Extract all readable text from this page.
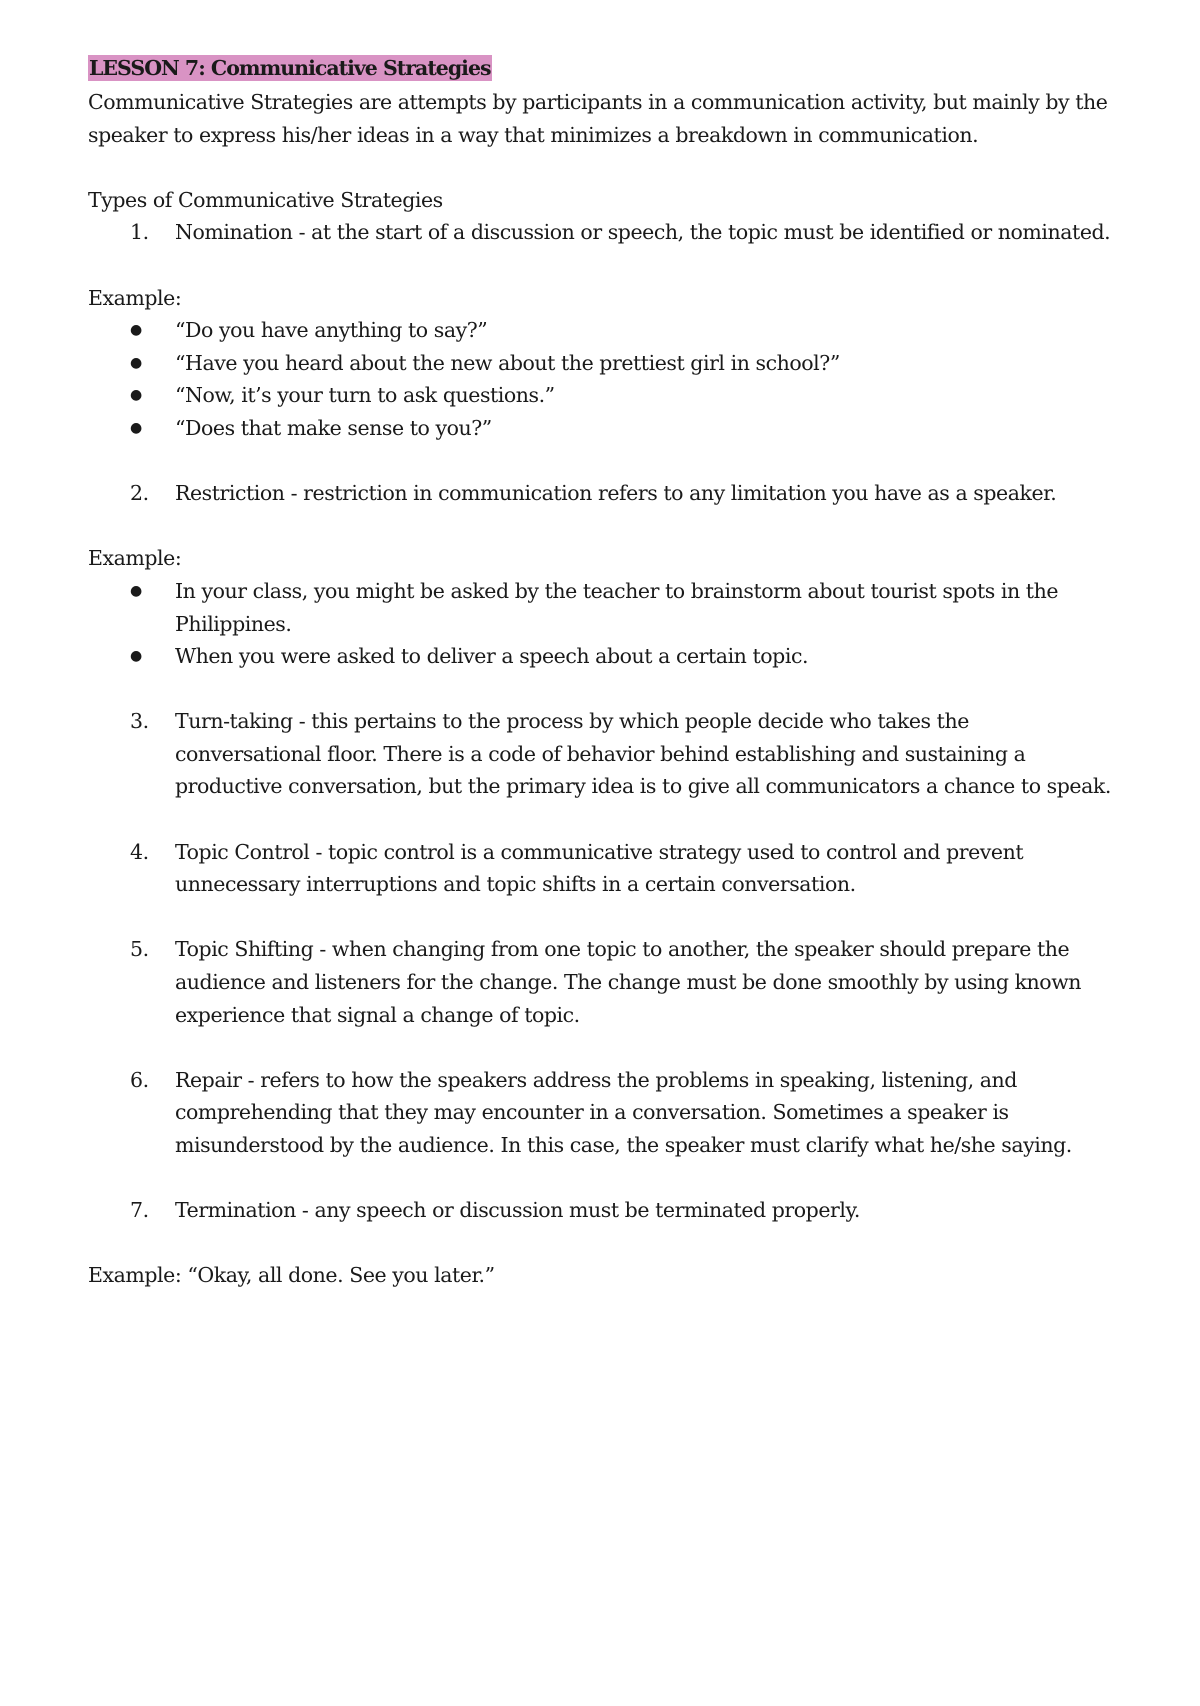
LESSON 7: Communicative Strategies

Communicative Strategies are attempts by participants in a communication activity, but mainly by the speaker to express his/her ideas in a way that minimizes a breakdown in communication.

Types of Communicative Strategies

1. Nomination - at the start of a discussion or speech, the topic must be identified or nominated.

Example:

● “Do you have anything to say?”

● “Have you heard about the new about the prettiest girl in school?”

● “Now, it’s your turn to ask questions.”

● “Does that make sense to you?”

2. Restriction - restriction in communication refers to any limitation you have as a speaker.

Example:

● In your class, you might be asked by the teacher to brainstorm about tourist spots in the Philippines.

● When you were asked to deliver a speech about a certain topic.

3. Turn-taking - this pertains to the process by which people decide who takes the conversational floor. There is a code of behavior behind establishing and sustaining a productive conversation, but the primary idea is to give all communicators a chance to speak.

4. Topic Control - topic control is a communicative strategy used to control and prevent unnecessary interruptions and topic shifts in a certain conversation.

5. Topic Shifting - when changing from one topic to another, the speaker should prepare the audience and listeners for the change. The change must be done smoothly by using known experience that signal a change of topic.

6. Repair - refers to how the speakers address the problems in speaking, listening, and comprehending that they may encounter in a conversation. Sometimes a speaker is misunderstood by the audience. In this case, the speaker must clarify what he/she saying.

7. Termination - any speech or discussion must be terminated properly.

Example: “Okay, all done. See you later.”
